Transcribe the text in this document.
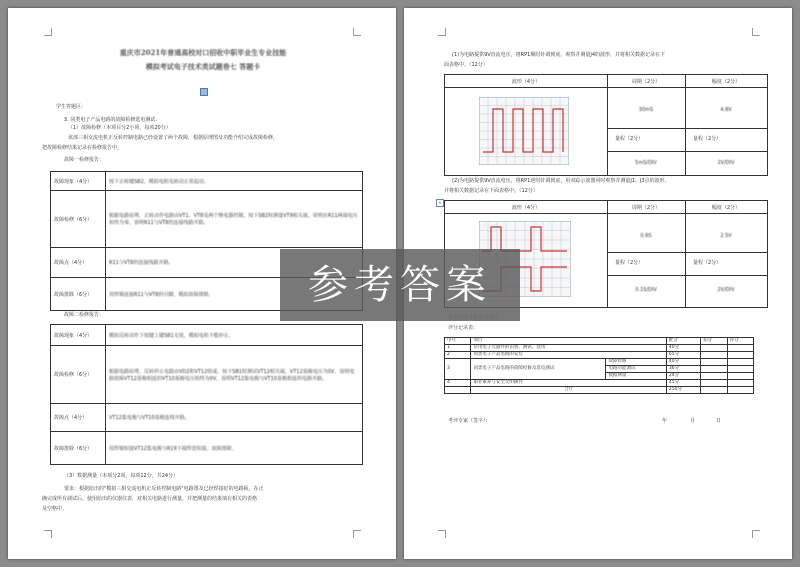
重庆市2021年普通高校对口招收中职毕业生专业技能
模拟考试电子技术类试题卷七 答题卡
学生答题区：
3. 同类电子产品电路的故障检修选电测试.
（1）故障检修（本项目分2小项，每项20分）
该部三相交流电机正反转控制电路已经设置了两个故障，根据原理图及功能介绍完成故障检修，
把故障检修结果记录在检修报告中。
故障一检修报告：
故障现象（4分）	按下正转键SB2，模拟电机电转动正常起动。
故障检修（6分）	根据电路原理，正转动作电路由VT1、VT8及两个继电器控制。按下SB2时测量VT9相关端，说明在R11两端电压始终为零，说明R11与VT8的连接线路开路。
故障点（4分）	R11与VT8的连接线路开路。
故障排除（6分）	用焊锡连接R11与VT8的引脚，模拟故障排除。
故障二检修报告：
故障现象（4分）	模拟反转动作下按键上键SB1无效，模拟电机不能停止。
故障检修（6分）	根据电路原理，反转停止电路由VD2和VT12组成。按下SB1时测试VT12相关端，VT12基极电压为0V，说明电路故障VT12基极相连的VT10基极电压始终为0V，说明VT12集电极与VT10基极相连的电路开路。
故障点（4分）	VT12集电极与VT10基极连线开路。
故障排除（6分）	用焊锡短接VT12集电极与R19下端焊盘短接，故障排除。
（3）数据测量（本项分2项，每项12分，共24分）
要求：根据给出的"模拟三相交流电机正反转控制电路"电路图及已经焊接好的电路板，在正
确完成所有调试后，使用给出的仪器仪表，对相关电路进行测量，并把测量的结果填在相关的表格
及空格中。
(1)为电路提供9V直流电压，将RP1顺时针调到底，观察并测量J4的波形，并将相关数据记录在下
面表格中。（12分）
波形（4分）	周期（2分）	幅度（2分）
30mS	4.8V
量程（2分）	量程（2分）
5mS/DIV	2V/DIV
(2)为电路提供9V直流电压，将RP1逆时针调到底，用双踪示波器同时观察并测量J1、J3点的波形，
并将相关数据记录在下面表格中。（12分）
+
波形（4分）	周期（2分）	幅度（2分）
0.6S	2.5V
量程（2分）	量程（2分）
0.1S/DIV	2V/DIV
评分记录表：
序号	项目		配分	扣分	得分
1	常用电子元器件的识别、测试、选用		40分		
2	同类电子产品电路的安装		65分		
3	同类电子产品电路的故障检修及选电测试	故障检修	40分		
		电路功能调试	36分		
		数据测量	24分		
4	职业素养与安全文明操作		45分		
	合计		250分		
考评专家（签字）：	年	月	日
参考答案
